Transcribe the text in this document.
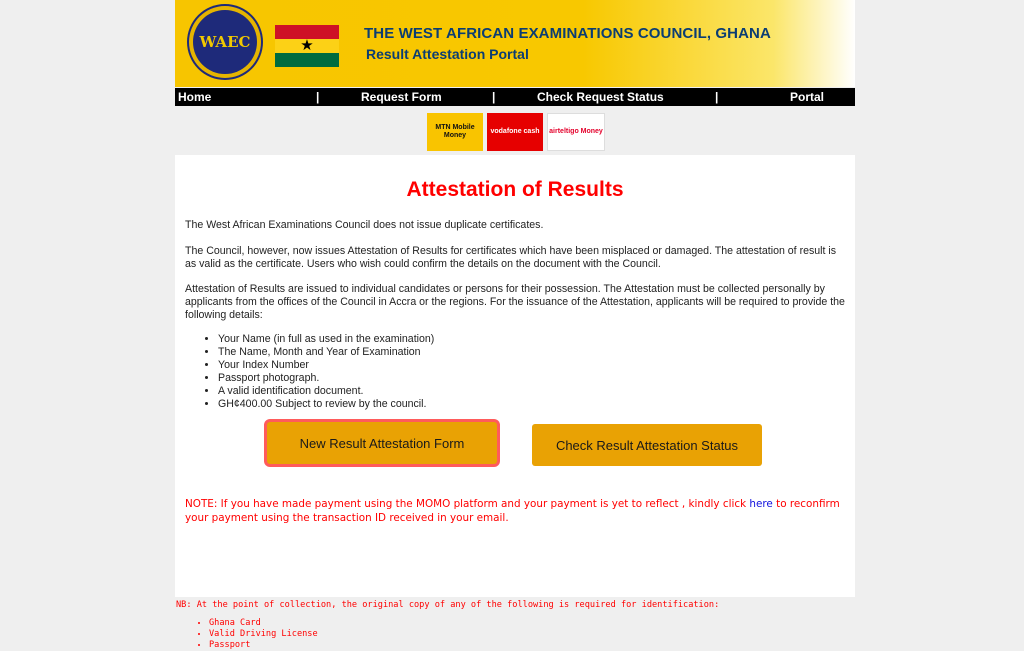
WAEC	★
THE WEST AFRICAN EXAMINATIONS COUNCIL, GHANA
Result Attestation Portal
Home	|	Request Form	|	Check Request Status	|	Portal
MTN Mobile Money
vodafone cash	airteltigo Money
Attestation of Results

The West African Examinations Council does not issue duplicate certificates.

The Council, however, now issues Attestation of Results for certificates which have been misplaced or damaged. The attestation of result is as valid as the certificate. Users who wish could confirm the details on the document with the Council.

Attestation of Results are issued to individual candidates or persons for their possession. The Attestation must be collected personally by applicants from the offices of the Council in Accra or the regions. For the issuance of the Attestation, applicants will be required to provide the following details:

• Your Name (in full as used in the examination)
• The Name, Month and Year of Examination
• Your Index Number
• Passport photograph.
• A valid identification document.
• GH¢400.00 Subject to review by the council.
New Result Attestation Form	Check Result Attestation Status

NOTE: If you have made payment using the MOMO platform and your payment is yet to reflect , kindly click here to reconfirm your payment using the transaction ID received in your email.

NB: At the point of collection, the original copy of any of the following is required for identification:

• Ghana Card
• Valid Driving License
• Passport
